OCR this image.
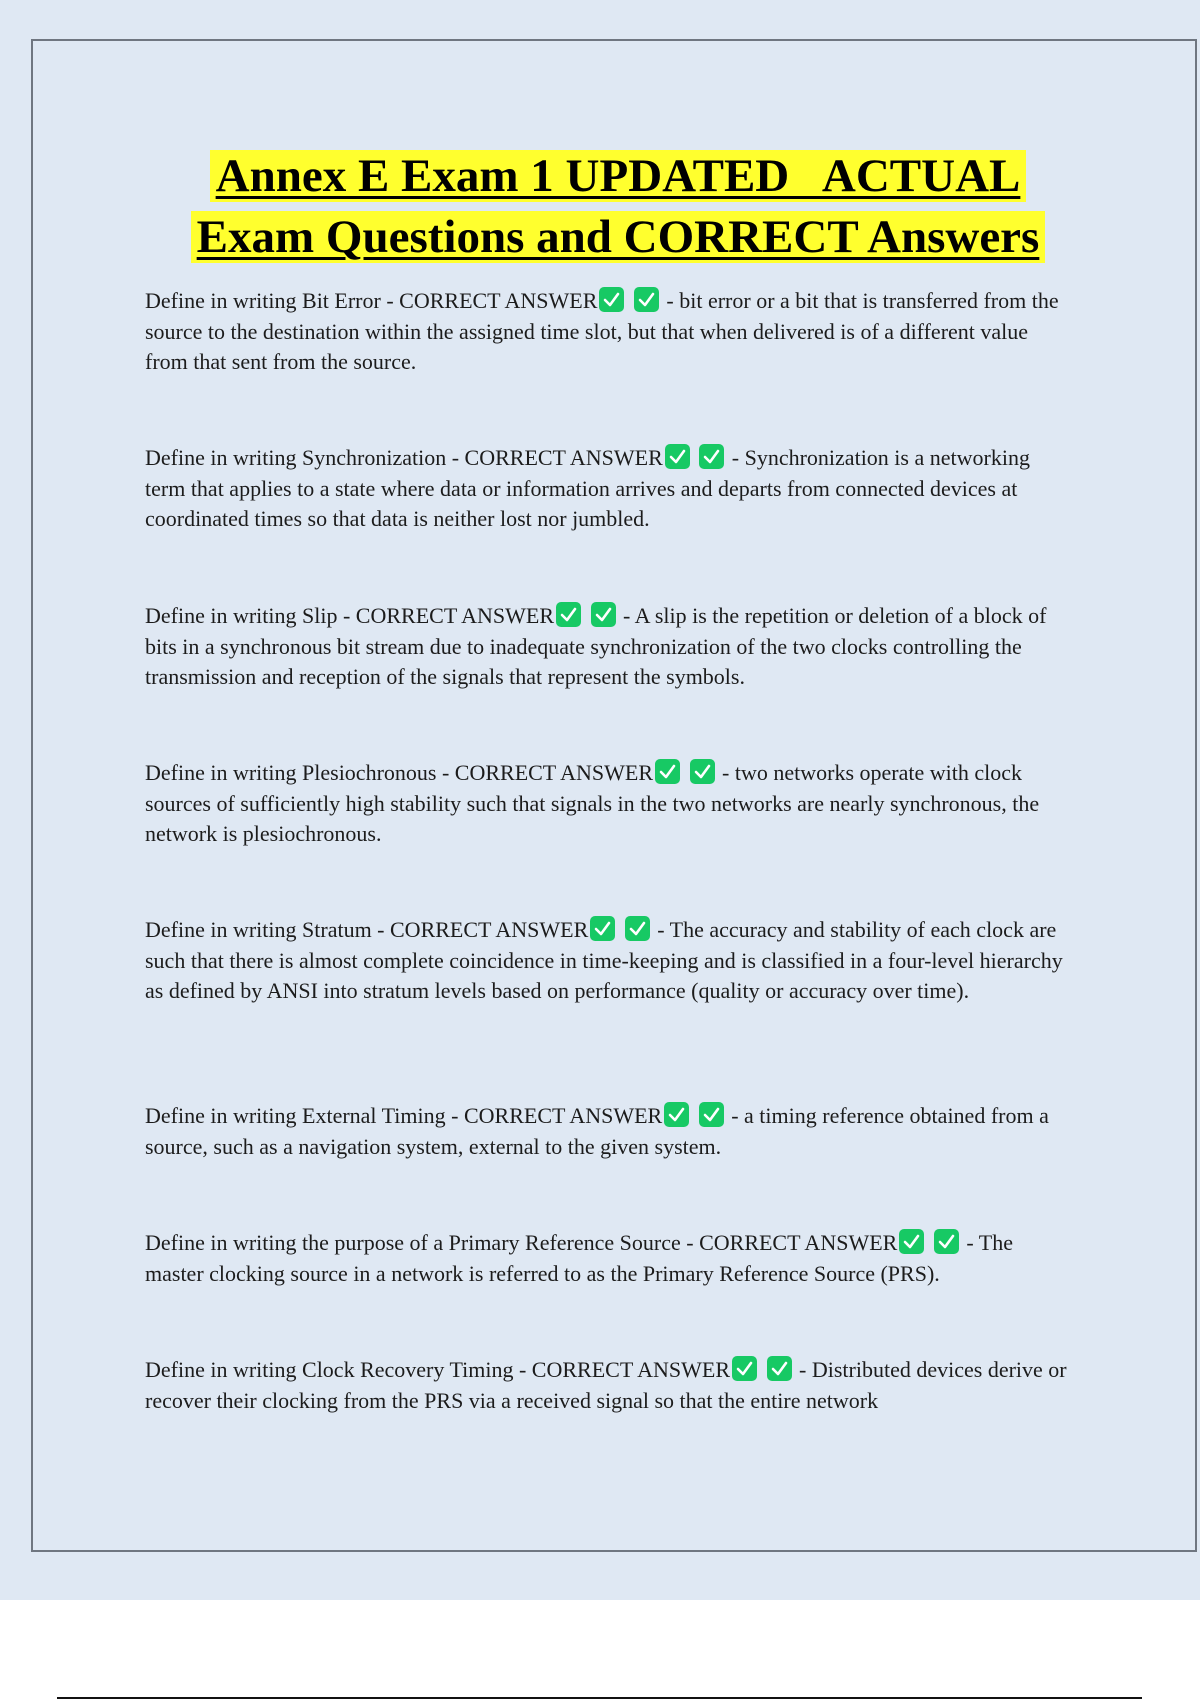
Annex E Exam 1 UPDATED   ACTUAL
Exam Questions and CORRECT Answers

Define in writing Bit Error - CORRECT ANSWER
	- bit error or a bit that is transferred from the source to the destination within the assigned time slot, but that when delivered is of a different value from that sent from the source.

Define in writing Synchronization - CORRECT ANSWER
	- Synchronization is a networking term that applies to a state where data or information arrives and departs from connected devices at coordinated times so that data is neither lost nor jumbled.

Define in writing Slip - CORRECT ANSWER
	- A slip is the repetition or deletion of a block of bits in a synchronous bit stream due to inadequate synchronization of the two clocks controlling the transmission and reception of the signals that represent the symbols.

Define in writing Plesiochronous - CORRECT ANSWER
	- two networks operate with clock sources of sufficiently high stability such that signals in the two networks are nearly synchronous, the network is plesiochronous.

Define in writing Stratum - CORRECT ANSWER
	- The accuracy and stability of each clock are such that there is almost complete coincidence in time-keeping and is classified in a four-level hierarchy as defined by ANSI into stratum levels based on performance (quality or accuracy over time).

Define in writing External Timing - CORRECT ANSWER
	- a timing reference obtained from a source, such as a navigation system, external to the given system.

Define in writing the purpose of a Primary Reference Source - CORRECT ANSWER
	- The master clocking source in a network is referred to as the Primary Reference Source (PRS).

Define in writing Clock Recovery Timing - CORRECT ANSWER
	- Distributed devices derive or recover their clocking from the PRS via a received signal so that the entire network
